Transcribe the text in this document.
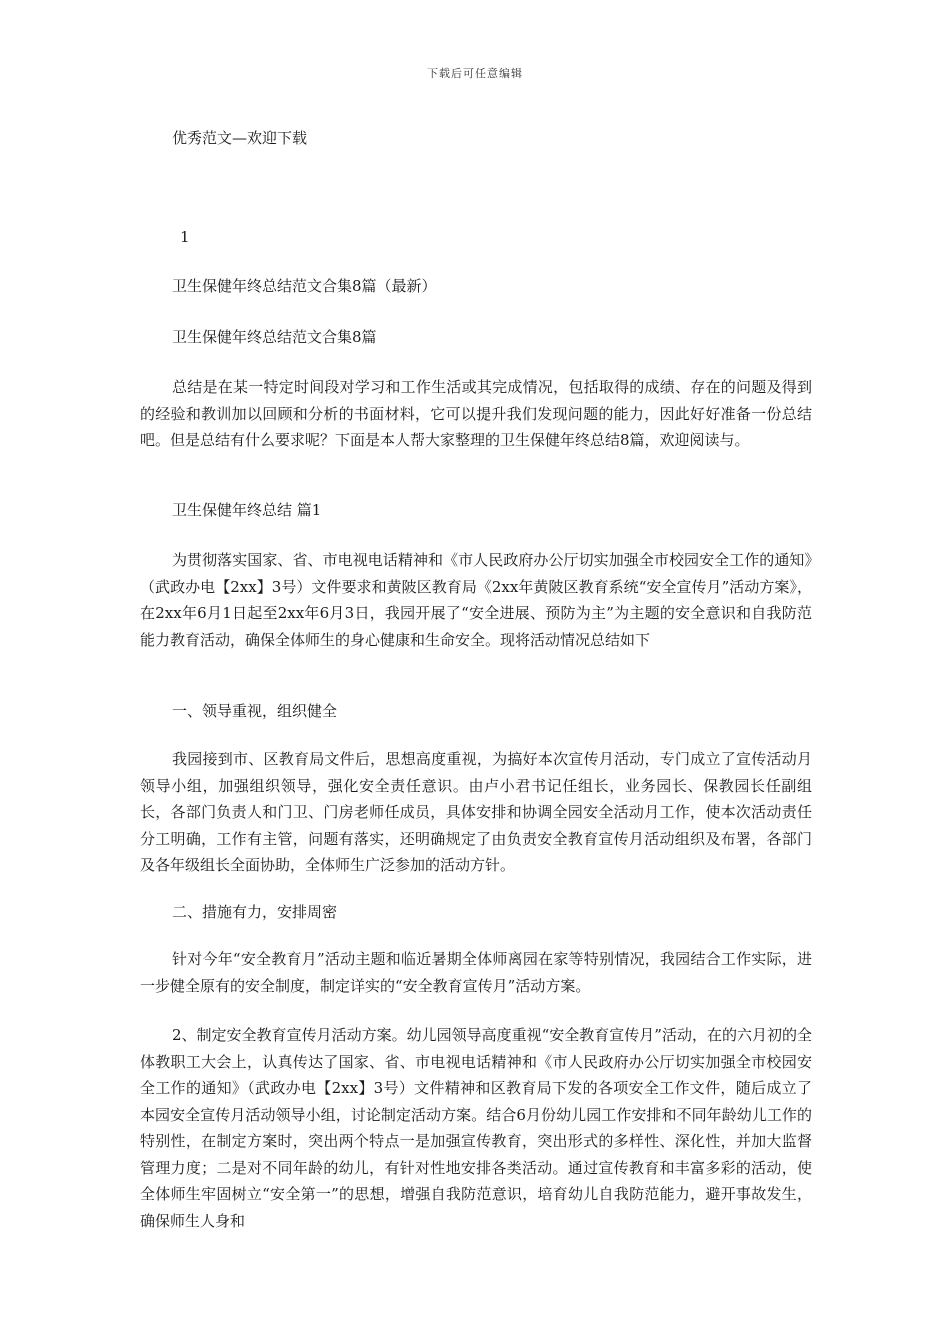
下载后可任意编辑
优秀范文—欢迎下载
1
卫生保健年终总结范文合集8篇（最新）
卫生保健年终总结范文合集8篇
总结是在某一特定时间段对学习和工作生活或其完成情况，包括取得的成绩、存在的问题及得到的经验和教训加以回顾和分析的书面材料，它可以提升我们发现问题的能力，因此好好准备一份总结吧。但是总结有什么要求呢？下面是本人帮大家整理的卫生保健年终总结8篇，欢迎阅读与。
卫生保健年终总结 篇1
为贯彻落实国家、省、市电视电话精神和《市人民政府办公厅切实加强全市校园安全工作的通知》（武政办电【2xx】3号）文件要求和黄陂区教育局《2xx年黄陂区教育系统“安全宣传月”活动方案》，在2xx年6月1日起至2xx年6月3日，我园开展了“安全进展、预防为主”为主题的安全意识和自我防范能力教育活动，确保全体师生的身心健康和生命安全。现将活动情况总结如下
一、领导重视，组织健全
我园接到市、区教育局文件后，思想高度重视，为搞好本次宣传月活动，专门成立了宣传活动月领导小组，加强组织领导，强化安全责任意识。由卢小君书记任组长，业务园长、保教园长任副组长，各部门负责人和门卫、门房老师任成员，具体安排和协调全园安全活动月工作，使本次活动责任分工明确，工作有主管，问题有落实，还明确规定了由负责安全教育宣传月活动组织及布署，各部门及各年级组长全面协助，全体师生广泛参加的活动方针。
二、措施有力，安排周密
针对今年“安全教育月”活动主题和临近暑期全体师离园在家等特别情况，我园结合工作实际，进一步健全原有的安全制度，制定详实的“安全教育宣传月”活动方案。
2、制定安全教育宣传月活动方案。幼儿园领导高度重视“安全教育宣传月”活动，在的六月初的全体教职工大会上，认真传达了国家、省、市电视电话精神和《市人民政府办公厅切实加强全市校园安全工作的通知》（武政办电【2xx】3号）文件精神和区教育局下发的各项安全工作文件，随后成立了本园安全宣传月活动领导小组，讨论制定活动方案。结合6月份幼儿园工作安排和不同年龄幼儿工作的特别性，在制定方案时，突出两个特点一是加强宣传教育，突出形式的多样性、深化性，并加大监督管理力度；二是对不同年龄的幼儿，有针对性地安排各类活动。通过宣传教育和丰富多彩的活动，使全体师生牢固树立“安全第一”的思想，增强自我防范意识，培育幼儿自我防范能力，避开事故发生，确保师生人身和
